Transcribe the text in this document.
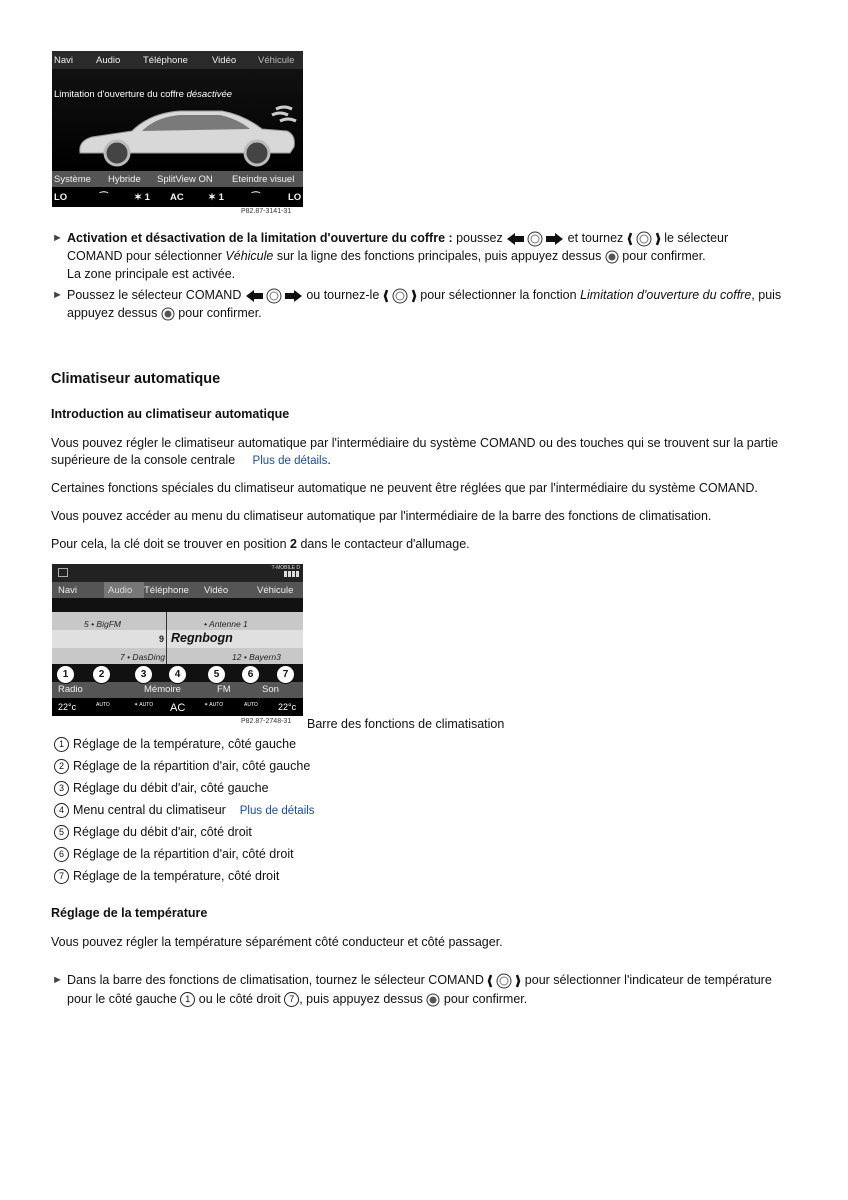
Navi Audio Téléphone	Vidéo Véhicule
Limitation d'ouverture du coffre désactivée
Système Hybride SplitView ON Eteindre visuel
LO	⁀	✶ 1 AC	✶ 1	⁀	LO
P82.87-3141-31
► Activation et désactivation de la limitation d'ouverture du coffre : poussez	et tournez	le sélecteur
COMAND pour sélectionner Véhicule sur la ligne des fonctions principales, puis appuyez dessus  pour confirmer.
La zone principale est activée.
► Poussez le sélecteur COMAND	ou tournez-le	pour sélectionner la fonction Limitation d'ouverture du coffre, puis
appuyez dessus  pour confirmer.
Climatiseur automatique
Introduction au climatiseur automatique
Vous pouvez régler le climatiseur automatique par l'intermédiaire du système COMAND ou des touches qui se trouvent sur la partie
supérieure de la console centrale Plus de détails.
Certaines fonctions spéciales du climatiseur automatique ne peuvent être réglées que par l'intermédiaire du système COMAND.
Vous pouvez accéder au menu du climatiseur automatique par l'intermédiaire de la barre des fonctions de climatisation.
Pour cela, la clé doit se trouver en position 2 dans le contacteur d'allumage.
T-MOBILE D
Navi	Audio Téléphone Vidéo	Véhicule
5 • BigFM	• Antenne 1
9 Regnbogn
7 • DasDing	12 • Bayern3
Radio	Mémoire	FM	Son
22°c	AUTO	✶ AUTO AC	✶ AUTO	AUTO 22°c
1	2	3	4	5	6	7
P82.87-2748-31 Barre des fonctions de climatisation
1 Réglage de la température, côté gauche
2 Réglage de la répartition d'air, côté gauche
3 Réglage du débit d'air, côté gauche
4 Menu central du climatiseur Plus de détails
5 Réglage du débit d'air, côté droit
6 Réglage de la répartition d'air, côté droit
7 Réglage de la température, côté droit
Réglage de la température
Vous pouvez régler la température séparément côté conducteur et côté passager.
► Dans la barre des fonctions de climatisation, tournez le sélecteur COMAND	pour sélectionner l'indicateur de température
pour le côté gauche 1 ou le côté droit 7 , puis appuyez dessus  pour confirmer.
